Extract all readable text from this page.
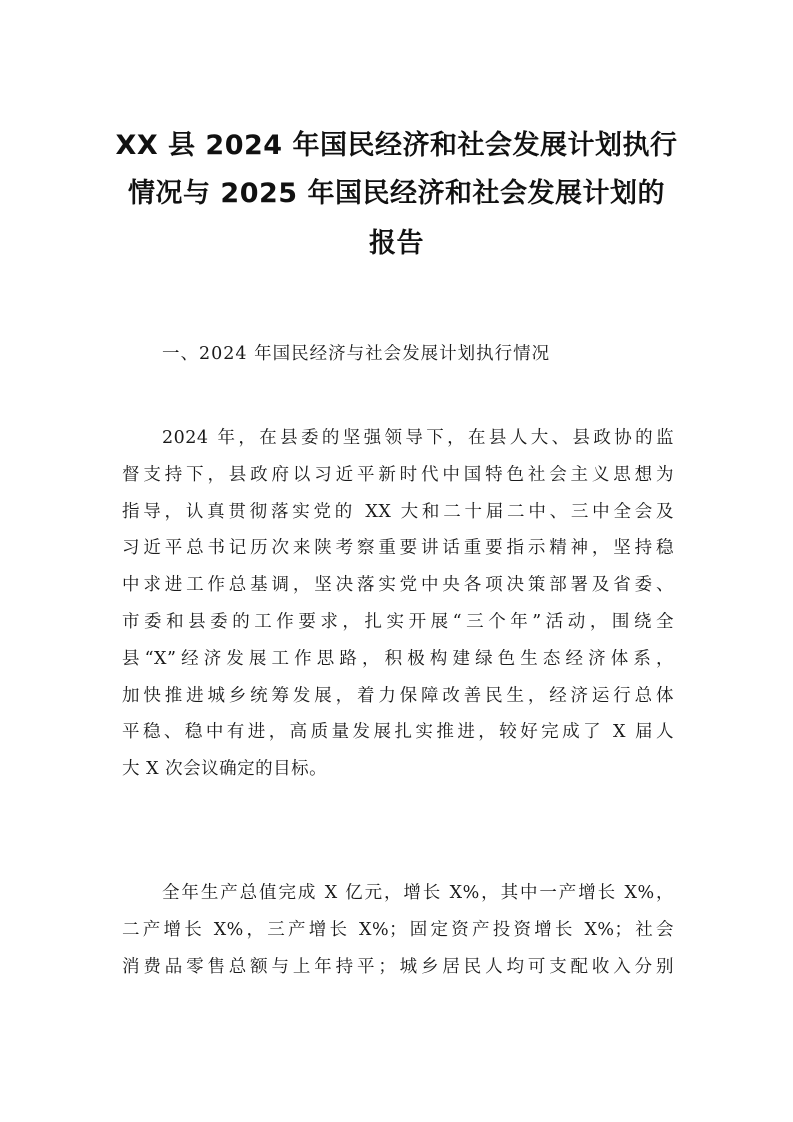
XX 县 2024 年国民经济和社会发展计划执行
情况与 2025 年国民经济和社会发展计划的
报告
一、2024 年国民经济与社会发展计划执行情况
2024 年，在县委的坚强领导下，在县人大、县政协的监
督支持下，县政府以习近平新时代中国特色社会主义思想为
指导，认真贯彻落实党的 XX 大和二十届二中、三中全会及
习近平总书记历次来陕考察重要讲话重要指示精神，坚持稳
中求进工作总基调，坚决落实党中央各项决策部署及省委、
市委和县委的工作要求，扎实开展“三个年”活动，围绕全
县“X”经济发展工作思路，积极构建绿色生态经济体系，
加快推进城乡统筹发展，着力保障改善民生，经济运行总体
平稳、稳中有进，高质量发展扎实推进，较好完成了 X 届人
大 X 次会议确定的目标。
全年生产总值完成 X 亿元，增长 X%，其中一产增长 X%，
二产增长 X%，三产增长 X%；固定资产投资增长 X%；社会
消费品零售总额与上年持平；城乡居民人均可支配收入分别
